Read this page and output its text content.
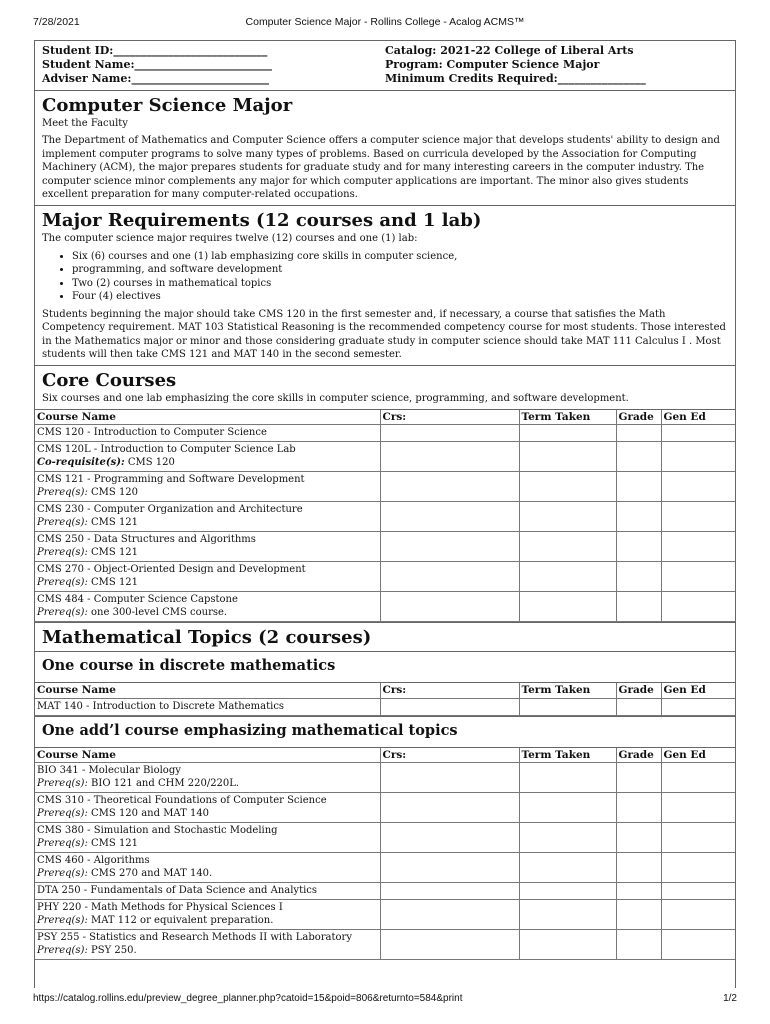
7/28/2021	Computer Science Major - Rollins College - Acalog ACMS™
Student ID:____________________________
Student Name:_________________________
Adviser Name:_________________________
Catalog: 2021-22 College of Liberal Arts
Program: Computer Science Major
Minimum Credits Required:________________
Computer Science Major

Meet the Faculty

The Department of Mathematics and Computer Science offers a computer science major that develops students' ability to design and implement computer programs to solve many types of problems. Based on curricula developed by the Association for Computing Machinery (ACM), the major prepares students for graduate study and for many interesting careers in the computer industry. The computer science minor complements any major for which computer applications are important. The minor also gives students excellent preparation for many computer-related occupations.

Major Requirements (12 courses and 1 lab)

The computer science major requires twelve (12) courses and one (1) lab:

• Six (6) courses and one (1) lab emphasizing core skills in computer science,
• programming, and software development
• Two (2) courses in mathematical topics
• Four (4) electives

Students beginning the major should take CMS 120 in the first semester and, if necessary, a course that satisfies the Math Competency requirement. MAT 103 Statistical Reasoning is the recommended competency course for most students. Those interested in the Mathematics major or minor and those considering graduate study in computer science should take MAT 111 Calculus I . Most students will then take CMS 121 and MAT 140 in the second semester.

Core Courses

Six courses and one lab emphasizing the core skills in computer science, programming, and software development.

Course Name	Crs:	Term Taken	Grade	Gen Ed
CMS 120 - Introduction to Computer Science				

CMS 120L - Introduction to Computer Science Lab
Co-requisite(s): CMS 120				

CMS 121 - Programming and Software Development
Prereq(s): CMS 120				

CMS 230 - Computer Organization and Architecture
Prereq(s): CMS 121				

CMS 250 - Data Structures and Algorithms
Prereq(s): CMS 121				

CMS 270 - Object-Oriented Design and Development
Prereq(s): CMS 121				

CMS 484 - Computer Science Capstone
Prereq(s): one 300-level CMS course.				

Mathematical Topics (2 courses)
One course in discrete mathematics
Course Name	Crs:	Term Taken	Grade	Gen Ed
MAT 140 - Introduction to Discrete Mathematics				
One add’l course emphasizing mathematical topics
Course Name	Crs:	Term Taken	Grade	Gen Ed

BIO 341 - Molecular Biology
Prereq(s): BIO 121 and CHM 220/220L.				

CMS 310 - Theoretical Foundations of Computer Science
Prereq(s): CMS 120 and MAT 140				

CMS 380 - Simulation and Stochastic Modeling
Prereq(s): CMS 121				

CMS 460 - Algorithms
Prereq(s): CMS 270 and MAT 140.				

DTA 250 - Fundamentals of Data Science and Analytics				

PHY 220 - Math Methods for Physical Sciences I
Prereq(s): MAT 112 or equivalent preparation.				

PSY 255 - Statistics and Research Methods II with Laboratory
Prereq(s): PSY 250.				

https://catalog.rollins.edu/preview_degree_planner.php?catoid=15&poid=806&returnto=584&print	1/2
